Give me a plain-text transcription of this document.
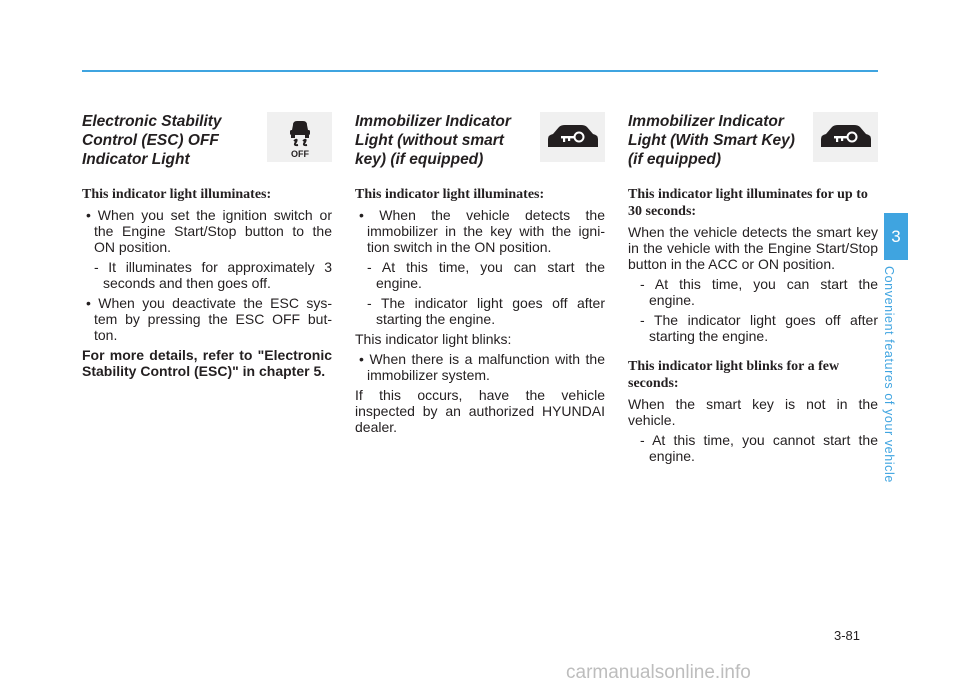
Electronic Stability
Control (ESC) OFF
Indicator Light	OFF
This indicator light illuminates:

• When you set the ignition switch or the Engine Start/Stop button to the ON position.

- It illuminates for approximately 3 seconds and then goes off.

• When you deactivate the ESC sys- tem by pressing the ESC OFF but-ton.

For more details, refer to "Electronic Stability Control (ESC)" in chapter 5.

Immobilizer Indicator
Light (without smart
key) (if equipped)
This indicator light illuminates:

• When the vehicle detects the immobilizer in the key with the igni-tion switch in the ON position.

- At this time, you can start the engine.

- The indicator light goes off after starting the engine.

This indicator light blinks:

• When there is a malfunction with the immobilizer system.

If this occurs, have the vehicle inspected by an authorized HYUNDAI dealer.

Immobilizer Indicator
Light (With Smart Key)
(if equipped)
This indicator light illuminates for up to 30 seconds:

When the vehicle detects the smart key in the vehicle with the Engine Start/Stop button in the ACC or ON position.

- At this time, you can start the engine.

- The indicator light goes off after starting the engine.

This indicator light blinks for a few seconds:

When the smart key is not in the vehicle.

- At this time, you cannot start the engine.

3
Convenient features of your vehicle
3-81
carmanualsonline.info
